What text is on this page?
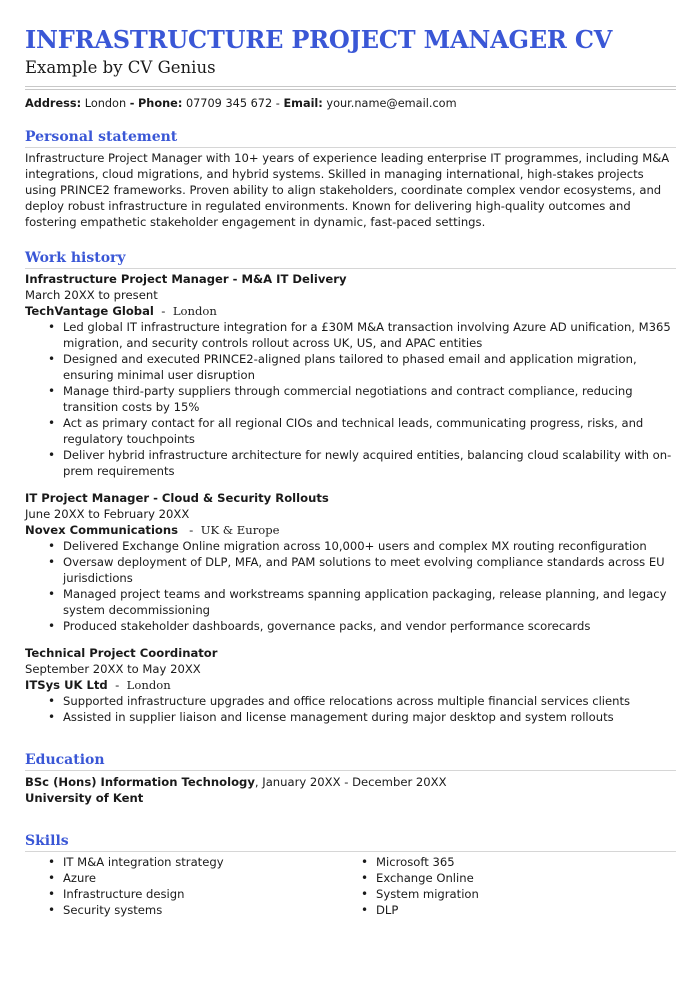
INFRASTRUCTURE PROJECT MANAGER CV

Example by CV Genius

Address: London - Phone: 07709 345 672 - Email: your.name@email.com

Personal statement

Infrastructure Project Manager with 10+ years of experience leading enterprise IT programmes, including M&A integrations, cloud migrations, and hybrid systems. Skilled in managing international, high-stakes projects using PRINCE2 frameworks. Proven ability to align stakeholders, coordinate complex vendor ecosystems, and deploy robust infrastructure in regulated environments. Known for delivering high-quality outcomes and fostering empathetic stakeholder engagement in dynamic, fast-paced settings.

Work history

Infrastructure Project Manager - M&A IT Delivery

March 20XX to present

TechVantage Global - London

• Led global IT infrastructure integration for a £30M M&A transaction involving Azure AD unification, M365 migration, and security controls rollout across UK, US, and APAC entities
• Designed and executed PRINCE2-aligned plans tailored to phased email and application migration, ensuring minimal user disruption
• Manage third-party suppliers through commercial negotiations and contract compliance, reducing transition costs by 15%
• Act as primary contact for all regional CIOs and technical leads, communicating progress, risks, and regulatory touchpoints
• Deliver hybrid infrastructure architecture for newly acquired entities, balancing cloud scalability with on-prem requirements

IT Project Manager - Cloud & Security Rollouts

June 20XX to February 20XX

Novex Communications - UK & Europe

• Delivered Exchange Online migration across 10,000+ users and complex MX routing reconfiguration
• Oversaw deployment of DLP, MFA, and PAM solutions to meet evolving compliance standards across EU jurisdictions
• Managed project teams and workstreams spanning application packaging, release planning, and legacy system decommissioning
• Produced stakeholder dashboards, governance packs, and vendor performance scorecards

Technical Project Coordinator

September 20XX to May 20XX

ITSys UK Ltd - London

• Supported infrastructure upgrades and office relocations across multiple financial services clients
• Assisted in supplier liaison and license management during major desktop and system rollouts
Education

BSc (Hons) Information Technology, January 20XX - December 20XX

University of Kent

Skills
• IT M&A integration strategy
• Azure
• Infrastructure design
• Security systems
• Microsoft 365
• Exchange Online
• System migration
• DLP
